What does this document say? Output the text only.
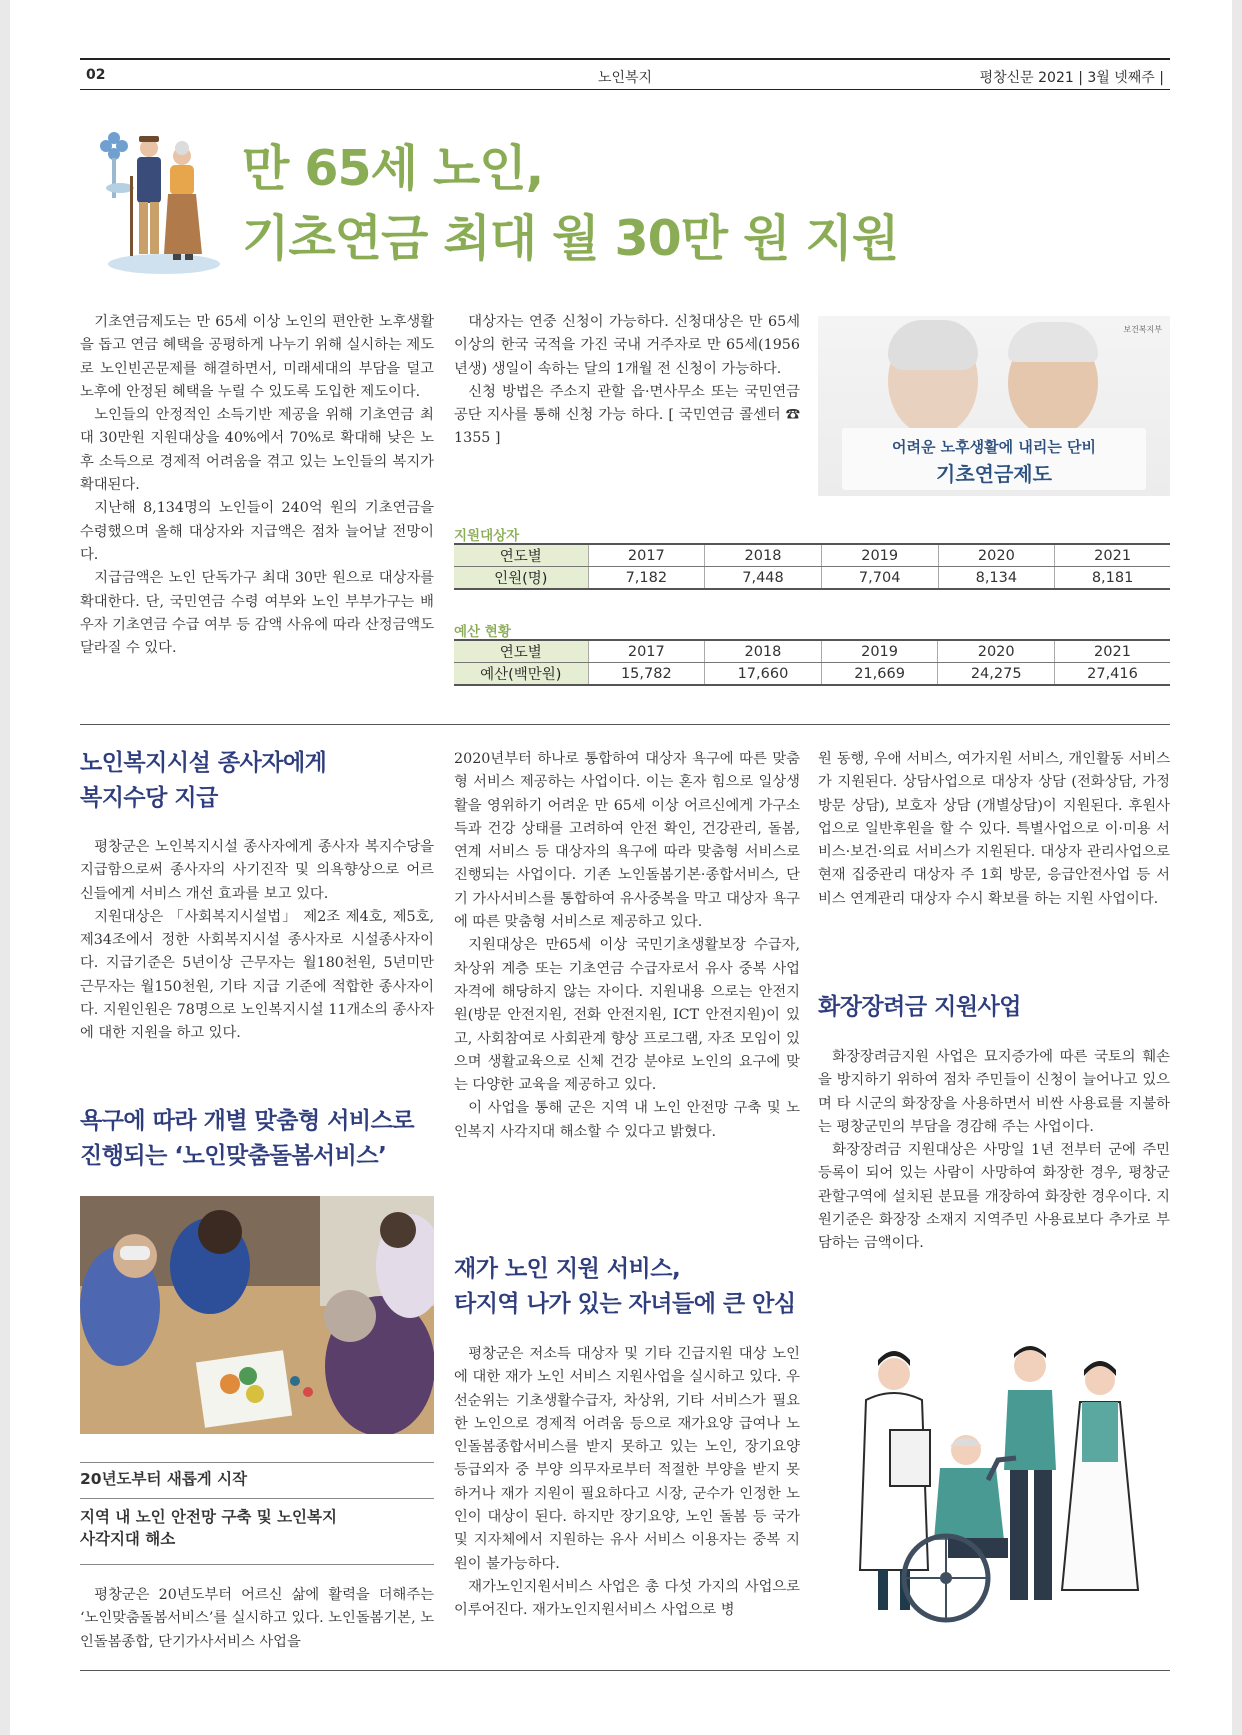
02	노인복지	평창신문 2021 | 3월 넷째주 |
만 65세 노인,
기초연금 최대 월 30만 원 지원

기초연금제도는 만 65세 이상 노인의 편안한 노후생활을 돕고 연금 혜택을 공평하게 나누기 위해 실시하는 제도로 노인빈곤문제를 해결하면서, 미래세대의 부담을 덜고 노후에 안정된 혜택을 누릴 수 있도록 도입한 제도이다.

노인들의 안정적인 소득기반 제공을 위해 기초연금 최대 30만원 지원대상을 40%에서 70%로 확대해 낮은 노후 소득으로 경제적 어려움을 겪고 있는 노인들의 복지가 확대된다.

지난해 8,134명의 노인들이 240억 원의 기초연금을 수령했으며 올해 대상자와 지급액은 점차 늘어날 전망이다.

지급금액은 노인 단독가구 최대 30만 원으로 대상자를 확대한다. 단, 국민연금 수령 여부와 노인 부부가구는 배우자 기초연금 수급 여부 등 감액 사유에 따라 산정금액도 달라질 수 있다.

대상자는 연중 신청이 가능하다. 신청대상은 만 65세 이상의 한국 국적을 가진 국내 거주자로 만 65세(1956년생) 생일이 속하는 달의 1개월 전 신청이 가능하다.

신청 방법은 주소지 관할 읍·면사무소 또는 국민연금공단 지사를 통해 신청 가능 하다. [ 국민연금 콜센터 ☎ 1355 ]

보건복지부
어려운 노후생활에 내리는 단비
기초연금제도
지원대상자
연도별	2017	2018	2019	2020	2021
인원(명)	7,182	7,448	7,704	8,134	8,181
예산 현황
연도별	2017	2018	2019	2020	2021
예산(백만원)	15,782	17,660	21,669	24,275	27,416
노인복지시설 종사자에게
복지수당 지급

평창군은 노인복지시설 종사자에게 종사자 복지수당을 지급함으로써 종사자의 사기진작 및 의욕향상으로 어르신들에게 서비스 개선 효과를 보고 있다.

지원대상은 「사회복지시설법」 제2조 제4호, 제5호, 제34조에서 정한 사회복지시설 종사자로 시설종사자이다. 지급기준은 5년이상 근무자는 월180천원, 5년미만 근무자는 월150천원, 기타 지급 기준에 적합한 종사자이다. 지원인원은 78명으로 노인복지시설 11개소의 종사자에 대한 지원을 하고 있다.

욕구에 따라 개별 맞춤형 서비스로
진행되는 ‘노인맞춤돌봄서비스’
20년도부터 새롭게 시작
지역 내 노인 안전망 구축 및 노인복지
사각지대 해소

평창군은 20년도부터 어르신 삶에 활력을 더해주는 ‘노인맞춤돌봄서비스’를 실시하고 있다. 노인돌봄기본, 노인돌봄종합, 단기가사서비스 사업을

2020년부터 하나로 통합하여 대상자 욕구에 따른 맞춤형 서비스 제공하는 사업이다. 이는 혼자 힘으로 일상생활을 영위하기 어려운 만 65세 이상 어르신에게 가구소득과 건강 상태를 고려하여 안전 확인, 건강관리, 돌봄, 연계 서비스 등 대상자의 욕구에 따라 맞춤형 서비스로 진행되는 사업이다. 기존 노인돌봄기본·종합서비스, 단기 가사서비스를 통합하여 유사중복을 막고 대상자 욕구에 따른 맞춤형 서비스로 제공하고 있다.

지원대상은 만65세 이상 국민기초생활보장 수급자, 차상위 계층 또는 기초연금 수급자로서 유사 중복 사업 자격에 해당하지 않는 자이다. 지원내용 으로는 안전지원(방문 안전지원, 전화 안전지원, ICT 안전지원)이 있고, 사회참여로 사회관계 향상 프로그램, 자조 모임이 있으며 생활교육으로 신체 건강 분야로 노인의 요구에 맞는 다양한 교육을 제공하고 있다.

이 사업을 통해 군은 지역 내 노인 안전망 구축 및 노인복지 사각지대 해소할 수 있다고 밝혔다.

재가 노인 지원 서비스,
타지역 나가 있는 자녀들에 큰 안심

평창군은 저소득 대상자 및 기타 긴급지원 대상 노인에 대한 재가 노인 서비스 지원사업을 실시하고 있다. 우선순위는 기초생활수급자, 차상위, 기타 서비스가 필요한 노인으로 경제적 어려움 등으로 재가요양 급여나 노인돌봄종합서비스를 받지 못하고 있는 노인, 장기요양 등급외자 중 부양 의무자로부터 적절한 부양을 받지 못하거나 재가 지원이 필요하다고 시장, 군수가 인정한 노인이 대상이 된다. 하지만 장기요양, 노인 돌봄 등 국가 및 지자체에서 지원하는 유사 서비스 이용자는 중복 지원이 불가능하다.

재가노인지원서비스 사업은 총 다섯 가지의 사업으로 이루어진다. 재가노인지원서비스 사업으로 병

원 동행, 우애 서비스, 여가지원 서비스, 개인활동 서비스가 지원된다. 상담사업으로 대상자 상담 (전화상담, 가정방문 상담), 보호자 상담 (개별상담)이 지원된다. 후원사업으로 일반후원을 할 수 있다. 특별사업으로 이·미용 서비스·보건·의료 서비스가 지원된다. 대상자 관리사업으로 현재 집중관리 대상자 주 1회 방문, 응급안전사업 등 서비스 연계관리 대상자 수시 확보를 하는 지원 사업이다.

화장장려금 지원사업

화장장려금지원 사업은 묘지증가에 따른 국토의 훼손을 방지하기 위하여 점차 주민들이 신청이 늘어나고 있으며 타 시군의 화장장을 사용하면서 비싼 사용료를 지불하는 평창군민의 부담을 경감해 주는 사업이다.

화장장려금 지원대상은 사망일 1년 전부터 군에 주민등록이 되어 있는 사람이 사망하여 화장한 경우, 평창군 관할구역에 설치된 분묘를 개장하여 화장한 경우이다. 지원기준은 화장장 소재지 지역주민 사용료보다 추가로 부담하는 금액이다.
